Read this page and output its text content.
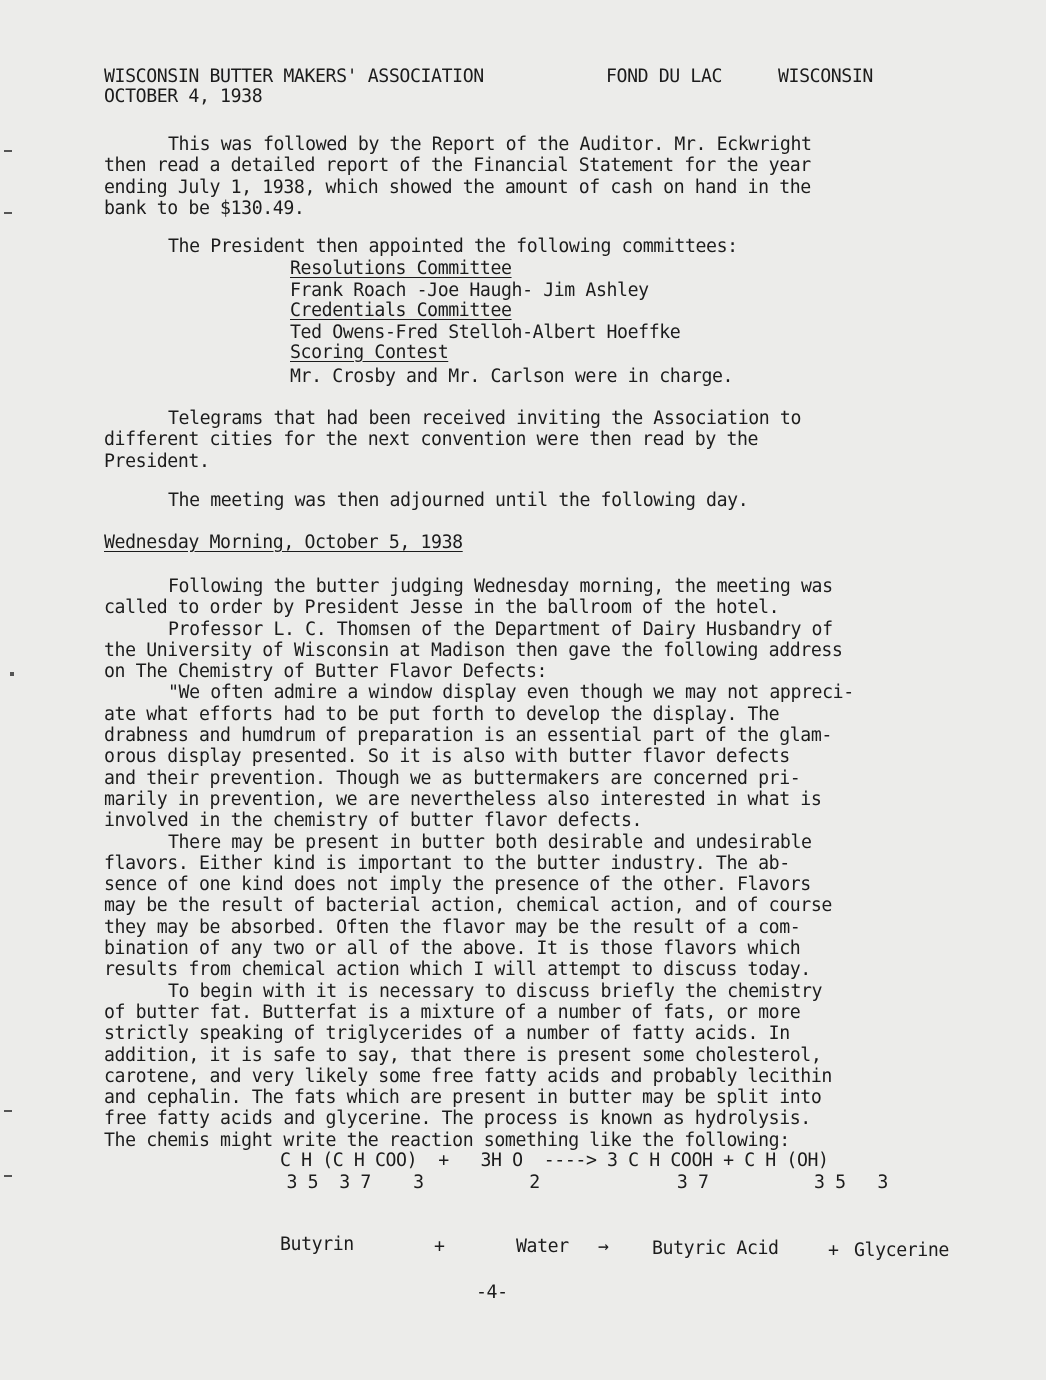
WISCONSIN BUTTER MAKERS' ASSOCIATION	FOND DU LAC	WISCONSIN
OCTOBER 4, 1938

This was followed by the Report of the Auditor. Mr. Eckwright

then read a detailed report of the Financial Statement for the year

ending July 1, 1938, which showed the amount of cash on hand in the

bank to be $130.49.

The President then appointed the following committees:
Resolutions Committee
Frank Roach -Joe Haugh- Jim Ashley
Credentials Committee
Ted Owens-Fred Stelloh-Albert Hoeffke
Scoring Contest
Mr. Crosby and Mr. Carlson were in charge.

Telegrams that had been received inviting the Association to

different cities for the next convention were then read by the

President.

The meeting was then adjourned until the following day.
Wednesday Morning, October 5, 1938

Following the butter judging Wednesday morning, the meeting was

called to order by President Jesse in the ballroom of the hotel.

Professor L. C. Thomsen of the Department of Dairy Husbandry of

the University of Wisconsin at Madison then gave the following address

on The Chemistry of Butter Flavor Defects:

"We often admire a window display even though we may not appreci-

ate what efforts had to be put forth to develop the display. The

drabness and humdrum of preparation is an essential part of the glam-

orous display presented. So it is also with butter flavor defects

and their prevention. Though we as buttermakers are concerned pri-

marily in prevention, we are nevertheless also interested in what is

involved in the chemistry of butter flavor defects.

There may be present in butter both desirable and undesirable

flavors. Either kind is important to the butter industry. The ab-

sence of one kind does not imply the presence of the other. Flavors

may be the result of bacterial action, chemical action, and of course

they may be absorbed. Often the flavor may be the result of a com-

bination of any two or all of the above. It is those flavors which

results from chemical action which I will attempt to discuss today.

To begin with it is necessary to discuss briefly the chemistry

of butter fat. Butterfat is a mixture of a number of fats, or more

strictly speaking of triglycerides of a number of fatty acids. In

addition, it is safe to say, that there is present some cholesterol,

carotene, and very likely some free fatty acids and probably lecithin

and cephalin. The fats which are present in butter may be split into

free fatty acids and glycerine. The process is known as hydrolysis.

The chemis might write the reaction something like the following:

C H (C H COO)  +   3H O  ----> 3 C H COOH + C H (OH)
3 5  3 7    3          2             3 7          3 5   3
Butyrin	+	Water → Butyric Acid	+ Glycerine
-4-
